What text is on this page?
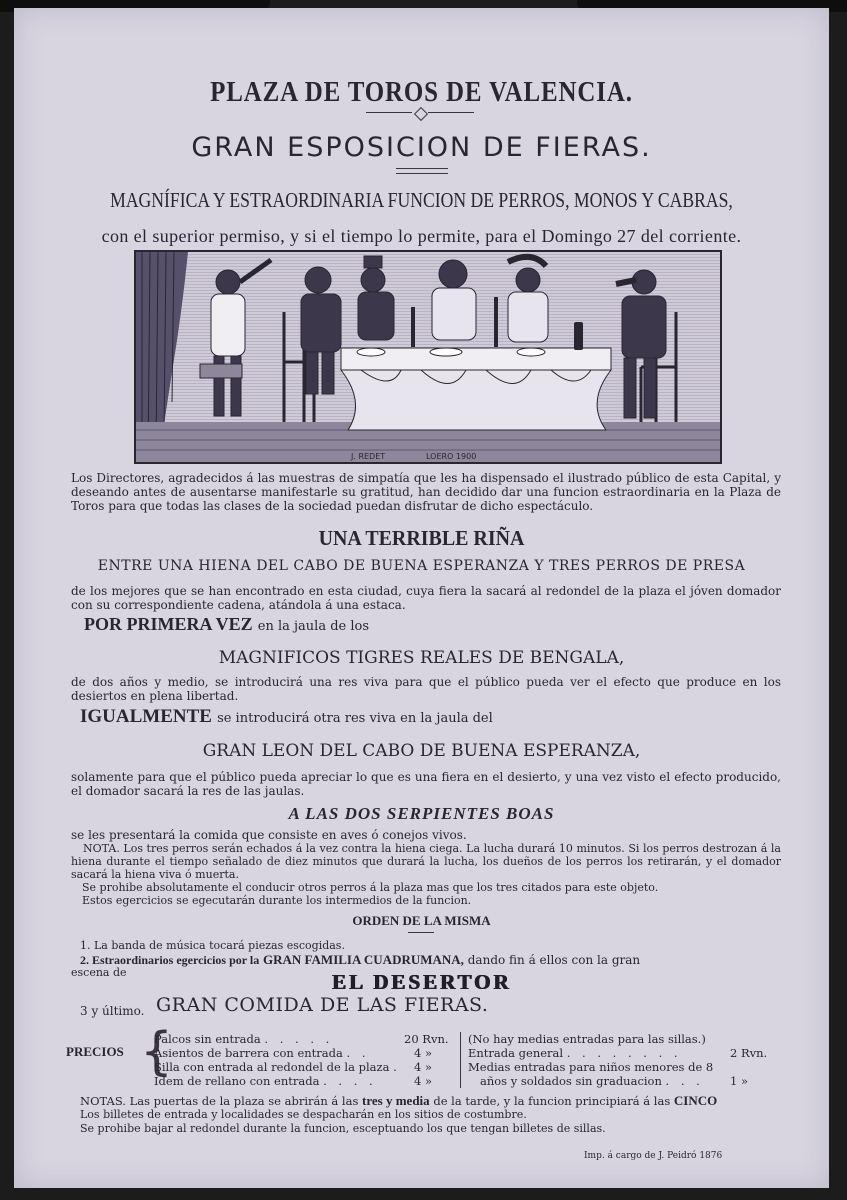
PLAZA DE TOROS DE VALENCIA.
GRAN ESPOSICION DE FIERAS.
MAGNÍFICA Y ESTRAORDINARIA FUNCION DE PERROS, MONOS Y CABRAS,
con el superior permiso, y si el tiempo lo permite, para el Domingo 27 del corriente.
J. REDET	LOERO 1900
Los Directores, agradecidos á las muestras de simpatía que les ha dispensado el ilustrado público de esta Capital, y deseando antes de ausentarse manifestarle su gratitud, han decidido dar una funcion estraordinaria en la Plaza de Toros para que todas las clases de la sociedad puedan disfrutar de dicho espectáculo.
UNA TERRIBLE RIÑA
ENTRE UNA HIENA DEL CABO DE BUENA ESPERANZA Y TRES PERROS DE PRESA
de los mejores que se han encontrado en esta ciudad, cuya fiera la sacará al redondel de la plaza el jóven domador con su correspondiente cadena, atándola á una estaca.
POR PRIMERA VEZ en la jaula de los
MAGNIFICOS TIGRES REALES DE BENGALA,
de dos años y medio, se introducirá una res viva para que el público pueda ver el efecto que produce en los desiertos en plena libertad.
IGUALMENTE se introducirá otra res viva en la jaula del
GRAN LEON DEL CABO DE BUENA ESPERANZA,
solamente para que el público pueda apreciar lo que es una fiera en el desierto, y una vez visto el efecto producido, el domador sacará la res de las jaulas.
A LAS DOS SERPIENTES BOAS
se les presentará la comida que consiste en aves ó conejos vivos.
NOTA. Los tres perros serán echados á la vez contra la hiena ciega. La lucha durará 10 minutos. Si los perros destrozan á la hiena durante el tiempo señalado de diez minutos que durará la lucha, los dueños de los perros los retirarán, y el domador sacará la hiena viva ó muerta.
Se prohibe absolutamente el conducir otros perros á la plaza mas que los tres citados para este objeto.
Estos egercicios se egecutarán durante los intermedios de la funcion.
ORDEN DE LA MISMA
1. La banda de música tocará piezas escogidas.
2. Estraordinarios egercicios por la GRAN FAMILIA CUADRUMANA, dando fin á ellos con la gran
escena de	EL DESERTOR
3 y último. GRAN COMIDA DE LAS FIERAS.
PRECIOS {
Palcos sin entrada . . . . .	20 Rvn.
Asientos de barrera con entrada . .	4 »
Silla con entrada al redondel de la plaza . 4 »
Idem de rellano con entrada . . . .	4 »
(No hay medias entradas para las sillas.)
Entrada general . . . . . . . .	2 Rvn.
Medias entradas para niños menores de 8
años y soldados sin graduacion . . . 1 »
NOTAS. Las puertas de la plaza se abrirán á las tres y media de la tarde, y la funcion principiará á las CINCO
Los billetes de entrada y localidades se despacharán en los sitios de costumbre.
Se prohibe bajar al redondel durante la funcion, esceptuando los que tengan billetes de sillas.
Imp. á cargo de J. Peidró 1876
